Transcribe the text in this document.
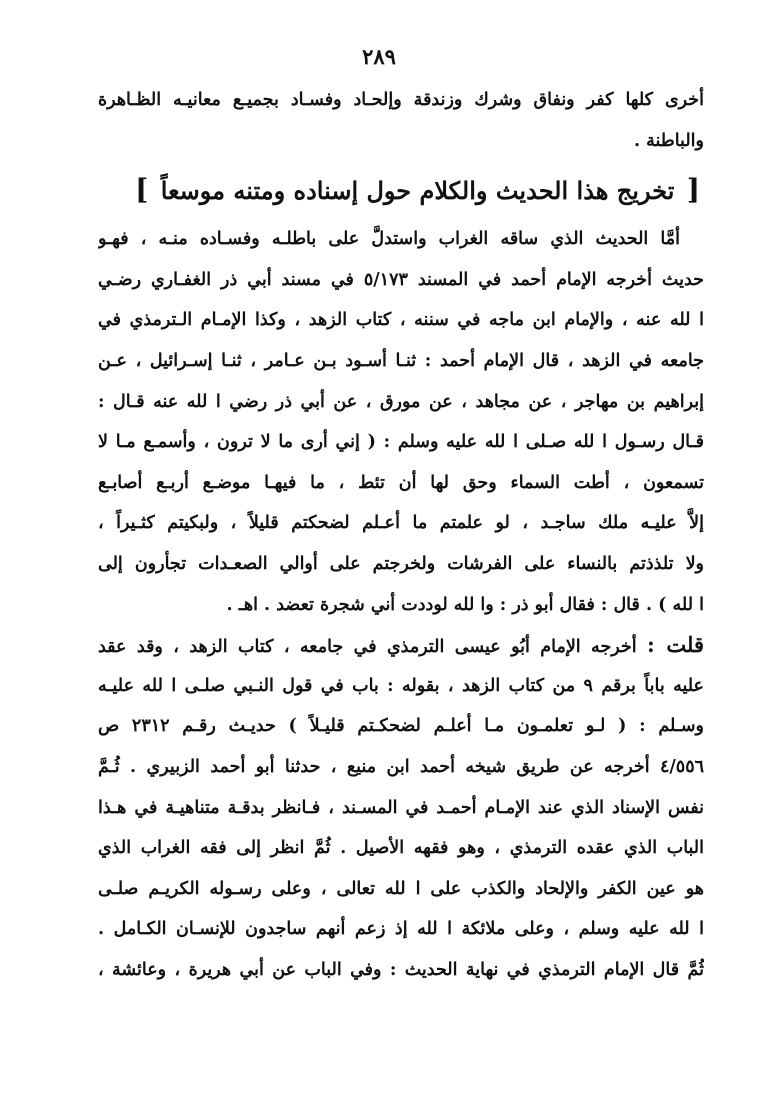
٢٨٩
أخرى كلها كفر ونفاق وشرك وزندقة وإلحـاد وفسـاد بجميـع معانيـه الظـاهرة
والباطنة .
[ تخريج هذا الحديث والكلام حول إسناده ومتنه موسعاً ]
أمَّا الحديث الذي ساقه الغراب واستدلَّ على باطلـه وفسـاده منـه ، فهـو
حديث أخرجه الإمام أحمد في المسند ٥/١٧٣ في مسند أبي ذر الغفـاري رضـي
ا لله عنه ، والإمام ابن ماجه في سننه ، كتاب الزهد ، وكذا الإمـام الـترمذي في
جامعه في الزهد ، قال الإمام أحمد : ثنـا أسـود بـن عـامر ، ثنـا إسـرائيل ، عـن
إبراهيم بن مهاجر ، عن مجاهد ، عن مورق ، عن أبي ذر رضي ا لله عنه قـال :
قـال رسـول ا لله صـلى ا لله عليه وسلم : ( إني أرى ما لا ترون ، وأسمـع مـا لا
تسمعون ، أطت السماء وحق لها أن تئط ، ما فيهـا موضـع أربـع أصابـع
إلاَّ عليـه ملك ساجـد ، لو علمتم ما أعـلم لضحكتم قليلاً ، ولبكيتم كثـيراً ،
ولا تلذذتم بالنساء على الفرشات ولخرجتم على أوالي الصعـدات تجأرون إلى
ا لله ) . قال : فقال أبو ذر : وا لله لوددت أني شجرة تعضد . اهـ .
قلت : أخرجه الإمام أبُو عيسى الترمذي في جامعه ، كتاب الزهد ، وقد عقد
عليه باباً برقم ٩ من كتاب الزهد ، بقوله : باب في قول النـبي صلـى ا لله عليـه
وسـلم : ( لـو تعلمـون مـا أعلـم لضحكـتم قليـلاً ) حديـث رقـم ٢٣١٢ ص
٤/٥٥٦ أخرجه عن طريق شيخه أحمد ابن منيع ، حدثنا أبو أحمد الزبيري . ثُـمَّ
نفس الإسناد الذي عند الإمـام أحمـد في المسـند ، فـانظر بدقـة متناهيـة في هـذا
الباب الذي عقده الترمذي ، وهو فقهه الأصيل . ثُمَّ انظر إلى فقه الغراب الذي
هو عين الكفر والإلحاد والكذب على ا لله تعالى ، وعلى رسـوله الكريـم صلـى
ا لله عليه وسلم ، وعلى ملائكة ا لله إذ زعم أنهم ساجدون للإنسـان الكـامل .
ثُمَّ قال الإمام الترمذي في نهاية الحديث : وفي الباب عن أبي هريرة ، وعائشة ،
